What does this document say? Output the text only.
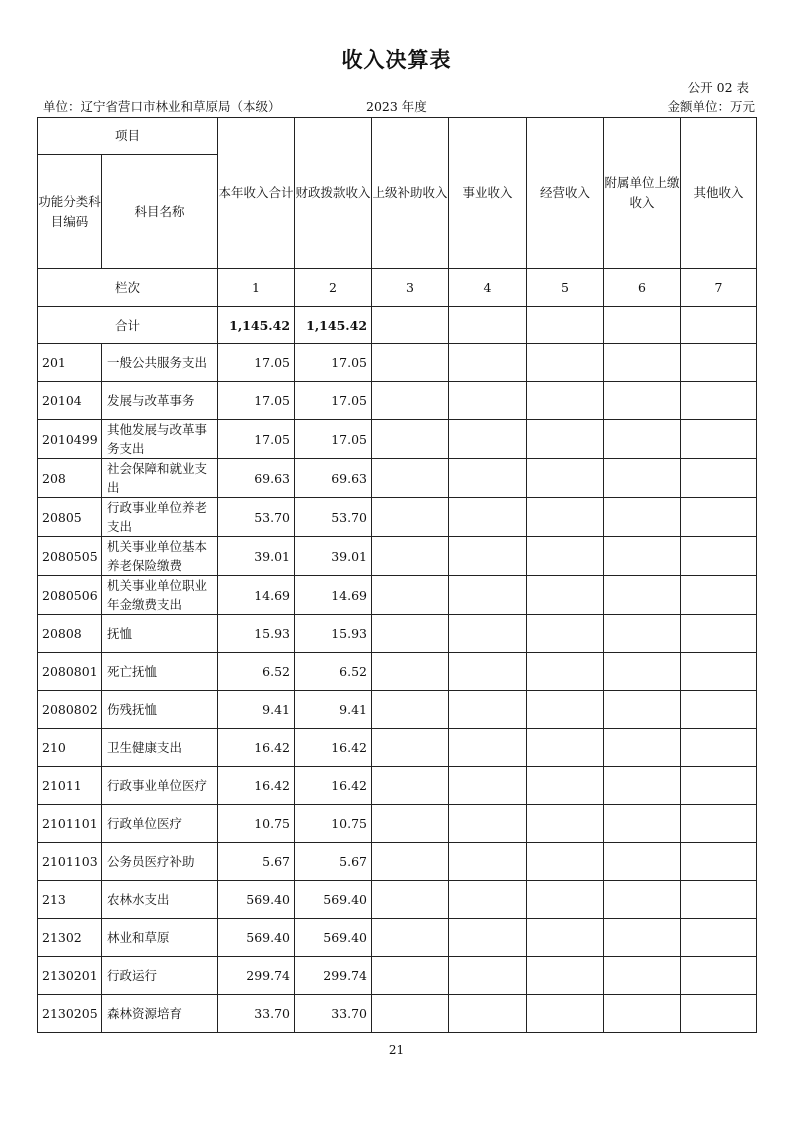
收入决算表
公开 02 表
单位：辽宁省营口市林业和草原局（本级）	2023 年度	金额单位：万元
项目		本年收入合计	财政拨款收入	上级补助收入	事业收入	经营收入	附属单位上缴收入	其他收入
功能分类科目编码	科目名称							
栏次		1	2	3	4	5	6	7
合计		1,145.42	1,145.42					
201	一般公共服务支出	17.05	17.05					
20104	发展与改革事务	17.05	17.05					
2010499	其他发展与改革事务支出	17.05	17.05					
208	社会保障和就业支出	69.63	69.63					
20805	行政事业单位养老支出	53.70	53.70					
2080505	机关事业单位基本养老保险缴费	39.01	39.01					
2080506	机关事业单位职业年金缴费支出	14.69	14.69					
20808	抚恤	15.93	15.93					
2080801	死亡抚恤	6.52	6.52					
2080802	伤残抚恤	9.41	9.41					
210	卫生健康支出	16.42	16.42					
21011	行政事业单位医疗	16.42	16.42					
2101101	行政单位医疗	10.75	10.75					
2101103	公务员医疗补助	5.67	5.67					
213	农林水支出	569.40	569.40					
21302	林业和草原	569.40	569.40					
2130201	行政运行	299.74	299.74					
2130205	森林资源培育	33.70	33.70					
21
